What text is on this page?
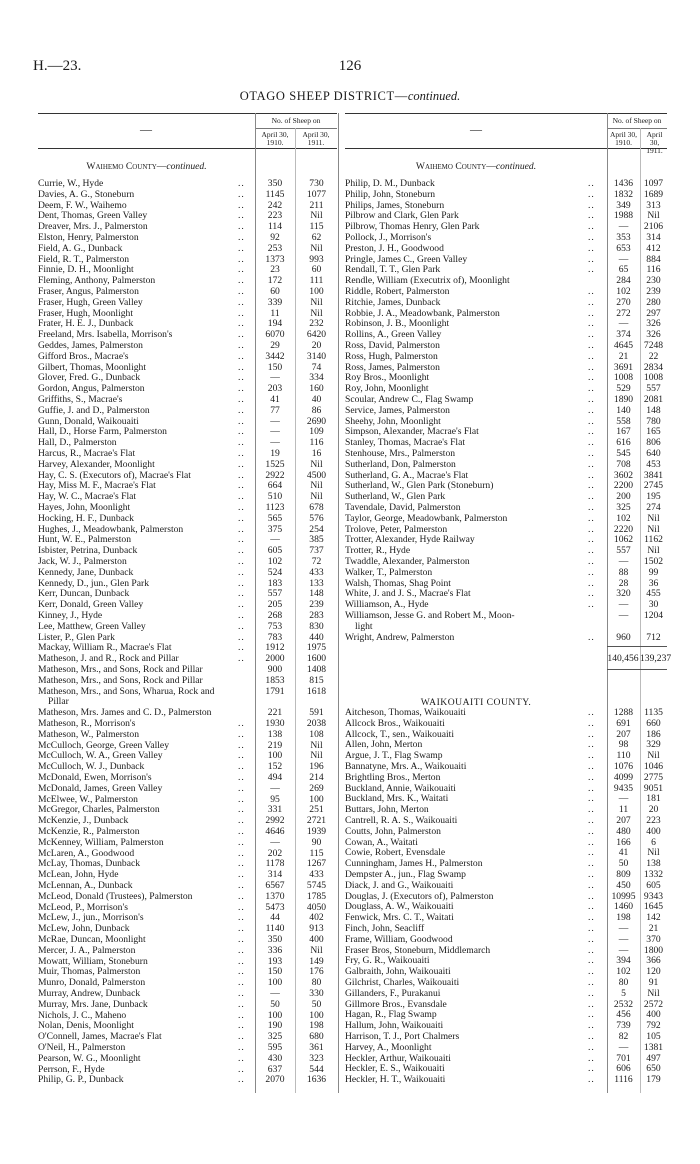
H.—23.	126
OTAGO SHEEP DISTRICT—continued.
—	—
No. of Sheep on	No. of Sheep on
April 30, 1910.
April 30, 1911.
April 30, 1910.
April 30, 1911.
Waihemo County—continued.
Currie, W., Hyde	..	350	730
Davies, A. G., Stoneburn	..	1145	1077
Deem, F. W., Waihemo	..	242	211
Dent, Thomas, Green Valley	..	223	Nil
Dreaver, Mrs. J., Palmerston	..	114	115
Elston, Henry, Palmerston	..	92	62
Field, A. G., Dunback	..	253	Nil
Field, R. T., Palmerston	..	1373	993
Finnie, D. H., Moonlight	..	23	60
Fleming, Anthony, Palmerston	..	172	111
Fraser, Angus, Palmerston	..	60	100
Fraser, Hugh, Green Valley	..	339	Nil
Fraser, Hugh, Moonlight	..	11	Nil
Frater, H. E. J., Dunback	..	194	232
Freeland, Mrs. Isabella, Morrison's	..	6070	6420
Geddes, James, Palmerston	..	29	20
Gifford Bros., Macrae's	..	3442	3140
Gilbert, Thomas, Moonlight	..	150	74
Glover, Fred. G., Dunback	..	—	334
Gordon, Angus, Palmerston	..	203	160
Griffiths, S., Macrae's	..	41	40
Guffie, J. and D., Palmerston	..	77	86
Gunn, Donald, Waikouaiti	..	—	2690
Hall, D., Horse Farm, Palmerston	..	—	109
Hall, D., Palmerston	..	—	116
Harcus, R., Macrae's Flat	..	19	16
Harvey, Alexander, Moonlight	..	1525	Nil
Hay, C. S. (Executors of), Macrae's Flat	..	2922	4500
Hay, Miss M. F., Macrae's Flat	..	664	Nil
Hay, W. C., Macrae's Flat	..	510	Nil
Hayes, John, Moonlight	..	1123	678
Hocking, H. F., Dunback	..	565	576
Hughes, J., Meadowbank, Palmerston	..	375	254
Hunt, W. E., Palmerston	..	—	385
Isbister, Petrina, Dunback	..	605	737
Jack, W. J., Palmerston	..	102	72
Kennedy, Jane, Dunback	..	524	433
Kennedy, D., jun., Glen Park	..	183	133
Kerr, Duncan, Dunback	..	557	148
Kerr, Donald, Green Valley	..	205	239
Kinney, J., Hyde	..	268	283
Lee, Matthew, Green Valley	..	753	830
Lister, P., Glen Park	..	783	440
Mackay, William R., Macrae's Flat	..	1912	1975
Matheson, J. and R., Rock and Pillar	..	2000	1600
Matheson, Mrs., and Sons, Rock and Pillar	900	1408
Matheson, Mrs., and Sons, Rock and Pillar	1853	815
Matheson, Mrs., and Sons, Wharua, Rock and	1791	1618
Pillar
Matheson, Mrs. James and C. D., Palmerston	221	591
Matheson, R., Morrison's	..	1930	2038
Matheson, W., Palmerston	..	138	108
McCulloch, George, Green Valley	..	219	Nil
McCulloch, W. A., Green Valley	..	100	Nil
McCulloch, W. J., Dunback	..	152	196
McDonald, Ewen, Morrison's	..	494	214
McDonald, James, Green Valley	..	—	269
McElwee, W., Palmerston	..	95	100
McGregor, Charles, Palmerston	..	331	251
McKenzie, J., Dunback	..	2992	2721
McKenzie, R., Palmerston	..	4646	1939
McKenney, William, Palmerston	..	—	90
McLaren, A., Goodwood	..	202	115
McLay, Thomas, Dunback	..	1178	1267
McLean, John, Hyde	..	314	433
McLennan, A., Dunback	..	6567	5745
McLeod, Donald (Trustees), Palmerston	..	1370	1785
McLeod, P., Morrison's	..	5473	4050
McLew, J., jun., Morrison's	..	44	402
McLew, John, Dunback	..	1140	913
McRae, Duncan, Moonlight	..	350	400
Mercer, J. A., Palmerston	..	336	Nil
Mowatt, William, Stoneburn	..	193	149
Muir, Thomas, Palmerston	..	150	176
Munro, Donald, Palmerston	..	100	80
Murray, Andrew, Dunback	..	—	330
Murray, Mrs. Jane, Dunback	..	50	50
Nichols, J. C., Maheno	..	100	100
Nolan, Denis, Moonlight	..	190	198
O'Connell, James, Macrae's Flat	..	325	680
O'Neil, H., Palmerston	..	595	361
Pearson, W. G., Moonlight	..	430	323
Perrson, F., Hyde	..	637	544
Philip, G. P., Dunback	..	2070	1636
Waihemo County—continued.
140,456 139,237
WAIKOUAITI COUNTY.
Philip, D. M., Dunback	..	1436	1097
Philip, John, Stoneburn	..	1832	1689
Philips, James, Stoneburn	..	349	313
Pilbrow and Clark, Glen Park	..	1988	Nil
Pilbrow, Thomas Henry, Glen Park	..	—	2106
Pollock, J., Morrison's	..	353	314
Preston, J. H., Goodwood	..	653	412
Pringle, James C., Green Valley	..	—	884
Rendall, T. T., Glen Park	..	65	116
Rendle, William (Executrix of), Moonlight	284	230
Riddle, Robert, Palmerston	..	102	239
Ritchie, James, Dunback	..	270	280
Robbie, J. A., Meadowbank, Palmerston	..	272	297
Robinson, J. B., Moonlight	..	—	326
Rollins, A., Green Valley	..	374	326
Ross, David, Palmerston	..	4645	7248
Ross, Hugh, Palmerston	..	21	22
Ross, James, Palmerston	..	3691	2834
Roy Bros., Moonlight	..	1008	1008
Roy, John, Moonlight	..	529	557
Scoular, Andrew C., Flag Swamp	..	1890	2081
Service, James, Palmerston	..	140	148
Sheehy, John, Moonlight	..	558	780
Simpson, Alexander, Macrae's Flat	..	167	165
Stanley, Thomas, Macrae's Flat	..	616	806
Stenhouse, Mrs., Palmerston	..	545	640
Sutherland, Don, Palmerston	..	708	453
Sutherland, G. A., Macrae's Flat	..	3602	3841
Sutherland, W., Glen Park (Stoneburn)	..	2200	2745
Sutherland, W., Glen Park	..	200	195
Tavendale, David, Palmerston	..	325	274
Taylor, George, Meadowbank, Palmerston	..	102	Nil
Trolove, Peter, Palmerston	..	2220	Nil
Trotter, Alexander, Hyde Railway	..	1062	1162
Trotter, R., Hyde	..	557	Nil
Twaddle, Alexander, Palmerston	..	—	1502
Walker, T., Palmerston	..	88	99
Walsh, Thomas, Shag Point	..	28	36
White, J. and J. S., Macrae's Flat	..	320	455
Williamson, A., Hyde	..	—	30
Williamson, Jesse G. and Robert M., Moon-	—	1204
light
Wright, Andrew, Palmerston	..	960	712
Aitcheson, Thomas, Waikouaiti	..	1288	1135
Allcock Bros., Waikouaiti	..	691	660
Allcock, T., sen., Waikouaiti	..	207	186
Allen, John, Merton	..	98	329
Argue, J. T., Flag Swamp	..	110	Nil
Bannatyne, Mrs. A., Waikouaiti	..	1076	1046
Brightling Bros., Merton	..	4099	2775
Buckland, Annie, Waikouaiti	..	9435	9051
Buckland, Mrs. K., Waitati	..	—	181
Buttars, John, Merton	..	11	20
Cantrell, R. A. S., Waikouaiti	..	207	223
Coutts, John, Palmerston	..	480	400
Cowan, A., Waitati	..	166	6
Cowie, Robert, Evensdale	..	41	Nil
Cunningham, James H., Palmerston	..	50	138
Dempster A., jun., Flag Swamp	..	809	1332
Diack, J. and G., Waikouaiti	..	450	605
Douglas, J. (Executors of), Palmerston	..	10995 9343
Douglass, A. W., Waikouaiti	..	1460	1645
Fenwick, Mrs. C. T., Waitati	..	198	142
Finch, John, Seacliff	..	—	21
Frame, William, Goodwood	..	—	370
Fraser Bros, Stoneburn, Middlemarch	..	—	1800
Fry, G. R., Waikouaiti	..	394	366
Galbraith, John, Waikouaiti	..	102	120
Gilchrist, Charles, Waikouaiti	..	80	91
Gillanders, F., Purakanui	..	5	Nil
Gillmore Bros., Evansdale	..	2532	2572
Hagan, R., Flag Swamp	..	456	400
Hallum, John, Waikouaiti	..	739	792
Harrison, T. J., Port Chalmers	..	82	105
Harvey, A., Moonlight	..	—	1381
Heckler, Arthur, Waikouaiti	..	701	497
Heckler, E. S., Waikouaiti	..	606	650
Heckler, H. T., Waikouaiti	..	1116	179
